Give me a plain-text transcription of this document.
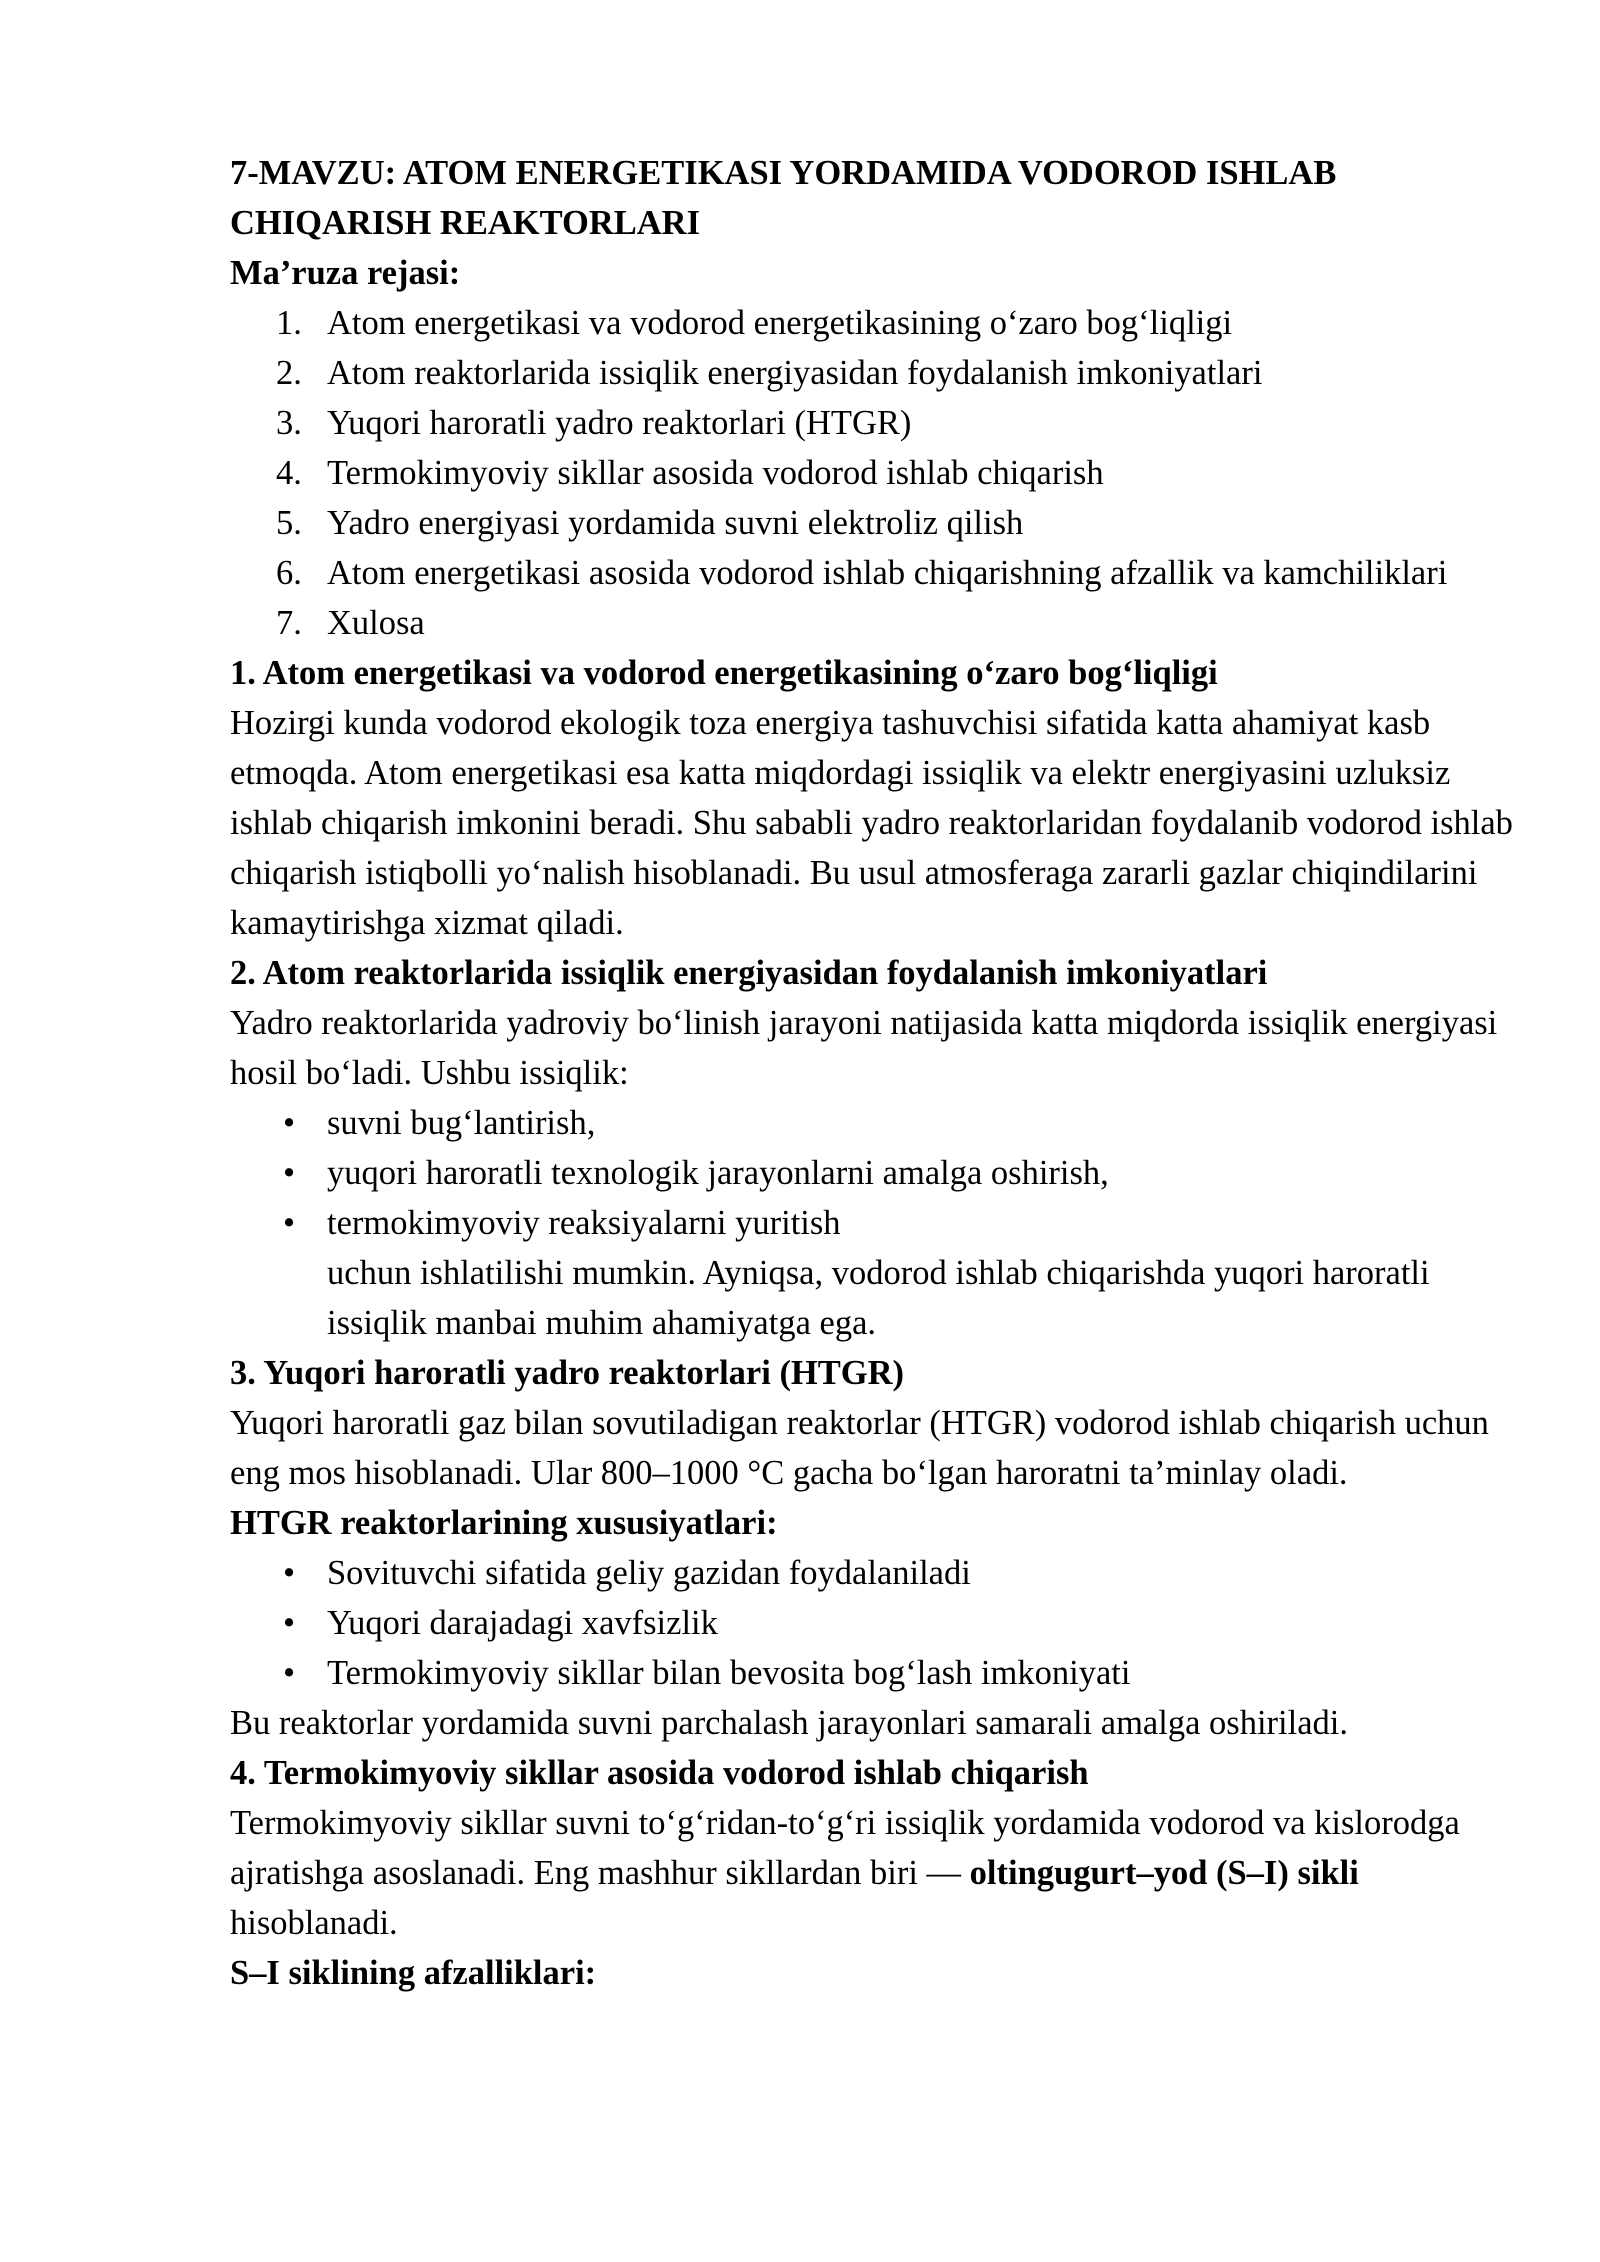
7-MAVZU: ATOM ENERGETIKASI YORDAMIDA VODOROD ISHLAB CHIQARISH REAKTORLARI

Ma’ruza rejasi:

1. Atom energetikasi va vodorod energetikasining o‘zaro bog‘liqligi
2. Atom reaktorlarida issiqlik energiyasidan foydalanish imkoniyatlari
3. Yuqori haroratli yadro reaktorlari (HTGR)
4. Termokimyoviy sikllar asosida vodorod ishlab chiqarish
5. Yadro energiyasi yordamida suvni elektroliz qilish
6. Atom energetikasi asosida vodorod ishlab chiqarishning afzallik va kamchiliklari
7. Xulosa

1. Atom energetikasi va vodorod energetikasining o‘zaro bog‘liqligi

Hozirgi kunda vodorod ekologik toza energiya tashuvchisi sifatida katta ahamiyat kasb etmoqda. Atom energetikasi esa katta miqdordagi issiqlik va elektr energiyasini uzluksiz ishlab chiqarish imkonini beradi. Shu sababli yadro reaktorlaridan foydalanib vodorod ishlab chiqarish istiqbolli yo‘nalish hisoblanadi. Bu usul atmosferaga zararli gazlar chiqindilarini kamaytirishga xizmat qiladi.

2. Atom reaktorlarida issiqlik energiyasidan foydalanish imkoniyatlari

Yadro reaktorlarida yadroviy bo‘linish jarayoni natijasida katta miqdorda issiqlik energiyasi hosil bo‘ladi. Ushbu issiqlik:

• suvni bug‘lantirish,
• yuqori haroratli texnologik jarayonlarni amalga oshirish,
• termokimyoviy reaksiyalarni yuritish

uchun ishlatilishi mumkin. Ayniqsa, vodorod ishlab chiqarishda yuqori haroratli issiqlik manbai muhim ahamiyatga ega.

3. Yuqori haroratli yadro reaktorlari (HTGR)

Yuqori haroratli gaz bilan sovutiladigan reaktorlar (HTGR) vodorod ishlab chiqarish uchun eng mos hisoblanadi. Ular 800–1000 °C gacha bo‘lgan haroratni ta’minlay oladi.

HTGR reaktorlarining xususiyatlari:

• Sovituvchi sifatida geliy gazidan foydalaniladi
• Yuqori darajadagi xavfsizlik
• Termokimyoviy sikllar bilan bevosita bog‘lash imkoniyati

Bu reaktorlar yordamida suvni parchalash jarayonlari samarali amalga oshiriladi.

4. Termokimyoviy sikllar asosida vodorod ishlab chiqarish

Termokimyoviy sikllar suvni to‘g‘ridan-to‘g‘ri issiqlik yordamida vodorod va kislorodga ajratishga asoslanadi. Eng mashhur sikllardan biri — oltingugurt–yod (S–I) sikli hisoblanadi.

S–I siklining afzalliklari:
